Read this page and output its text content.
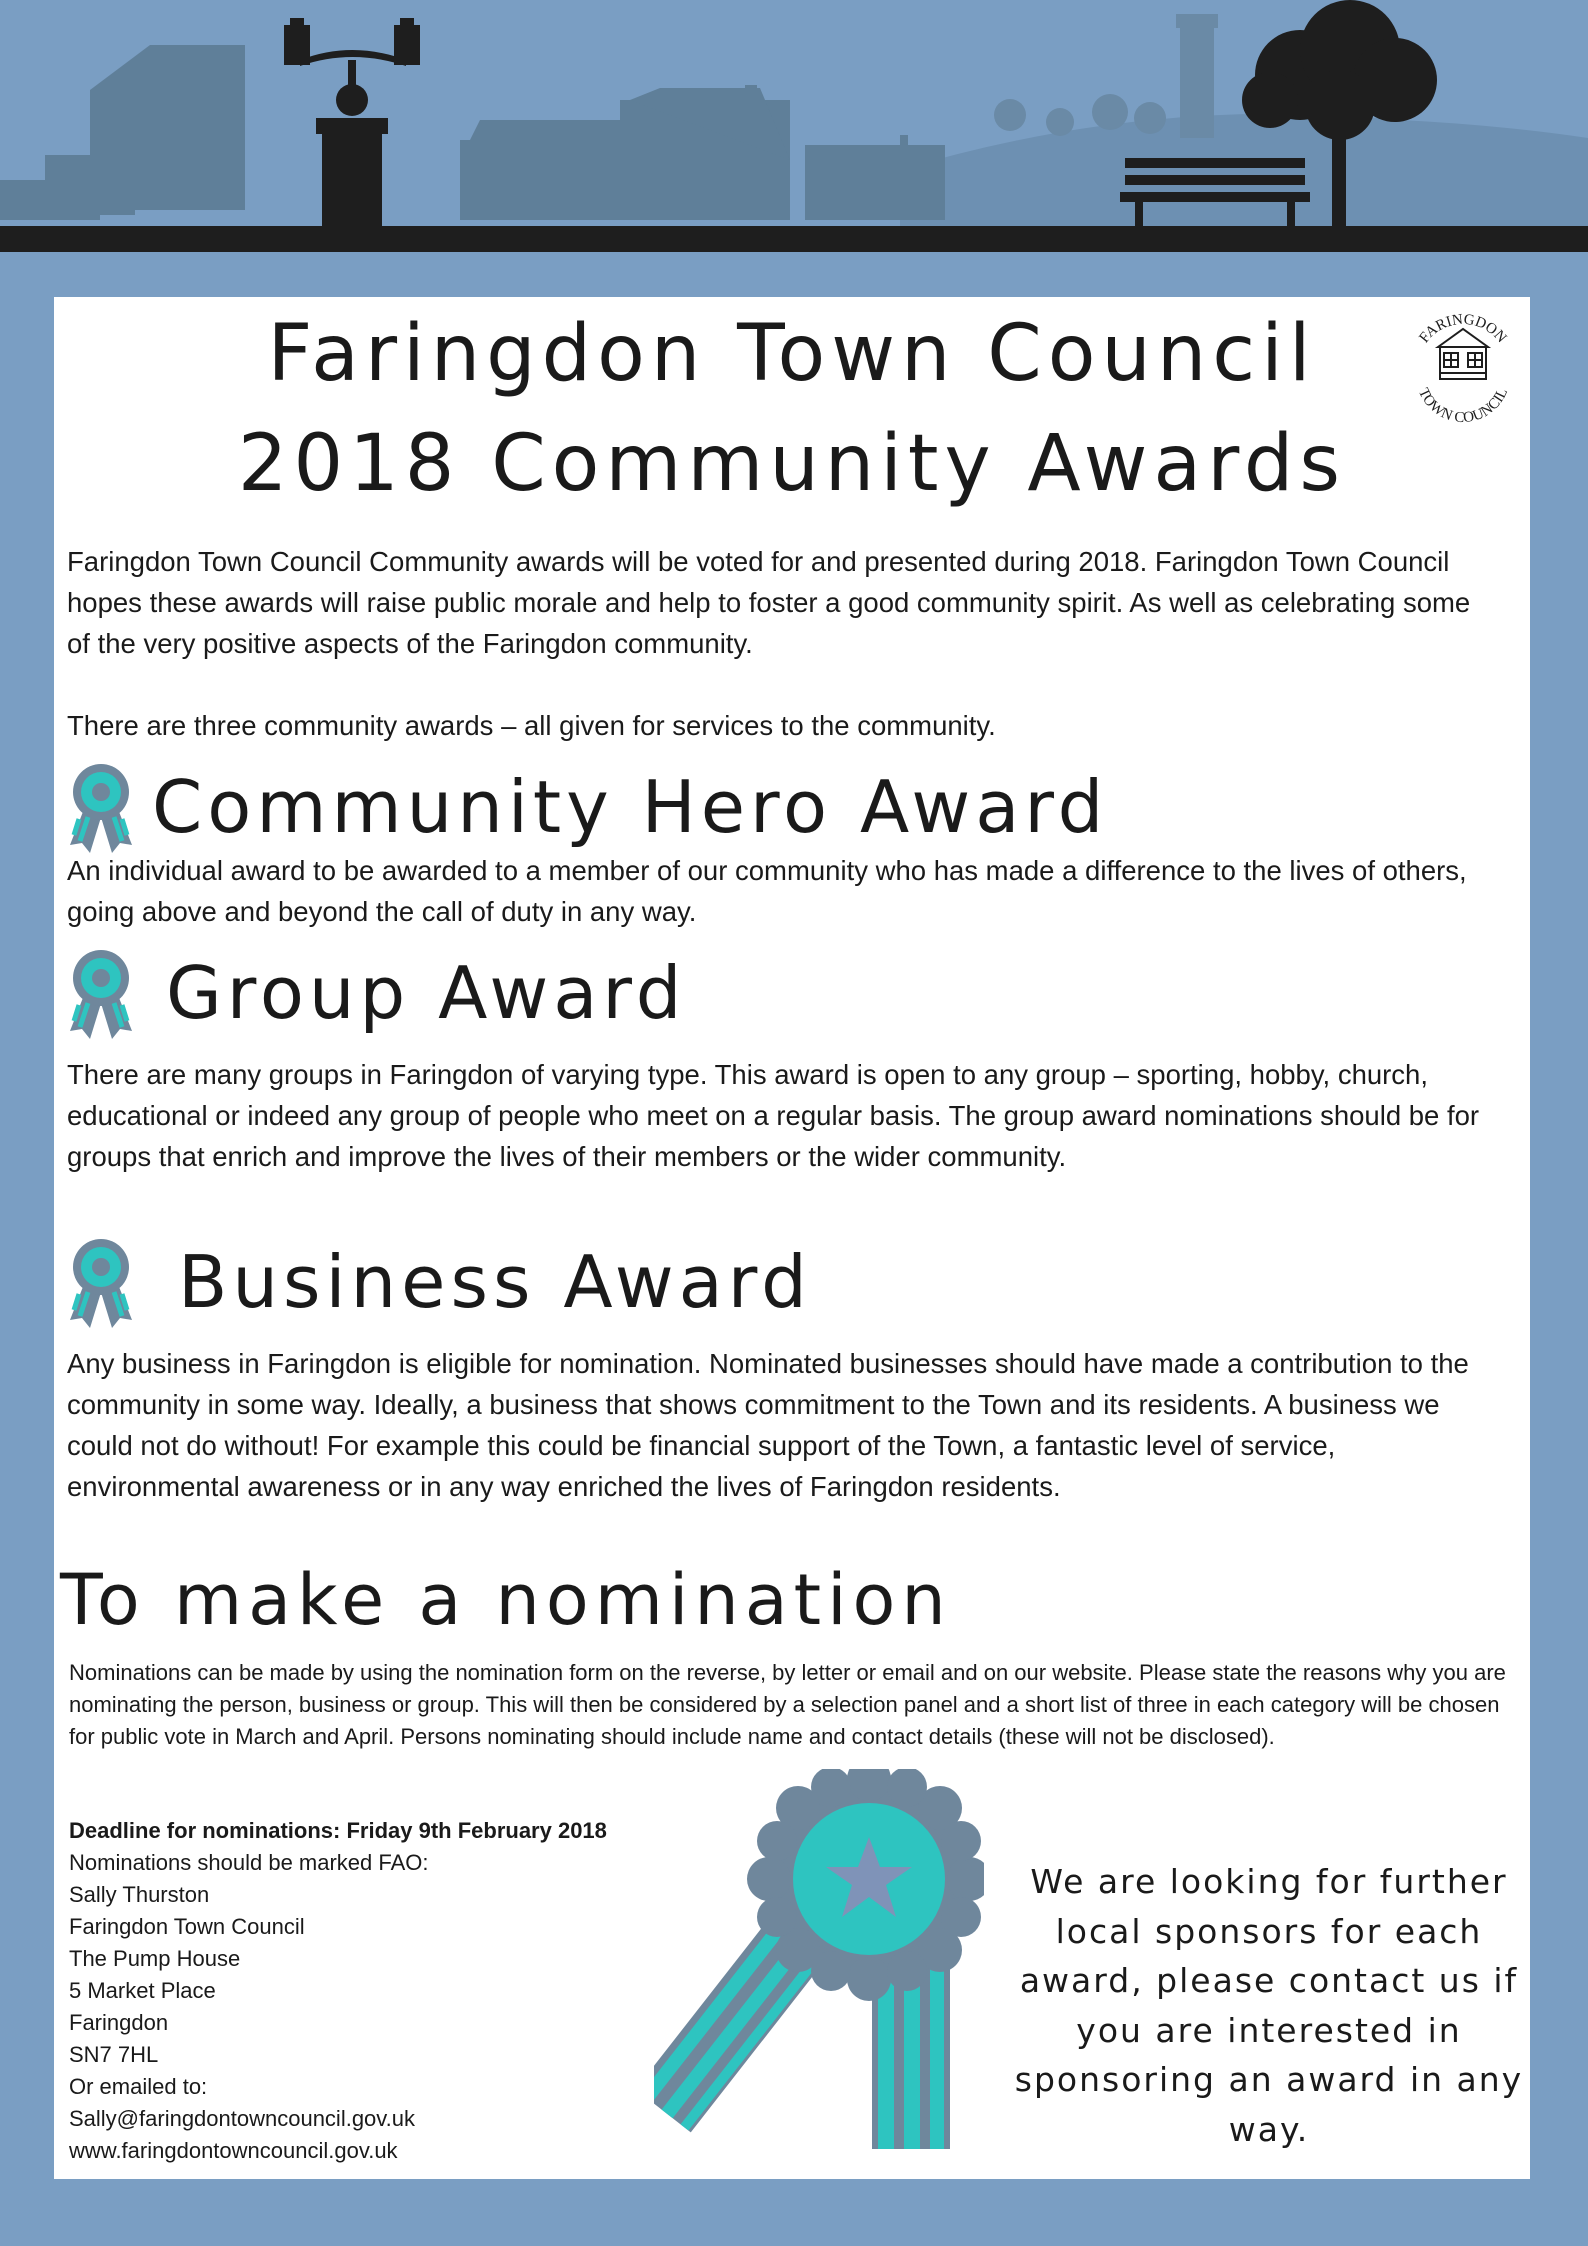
FARINGDON
TOWN COUNCIL
Faringdon Town Council
2018 Community Awards

Faringdon Town Council Community awards will be voted for and presented during 2018. Faringdon Town Council hopes these awards will raise public morale and help to foster a good community spirit. As well as celebrating some of the very positive aspects of the Faringdon community.

There are three community awards – all given for services to the community.

Community Hero Award

An individual award to be awarded to a member of our community who has made a difference to the lives of others, going above and beyond the call of duty in any way.

Group Award

There are many groups in Faringdon of varying type. This award is open to any group – sporting, hobby, church, educational or indeed any group of people who meet on a regular basis. The group award nominations should be for groups that enrich and improve the lives of their members or the wider community.

Business Award

Any business in Faringdon is eligible for nomination. Nominated businesses should have made a contribution to the community in some way. Ideally, a business that shows commitment to the Town and its residents. A business we could not do without! For example this could be financial support of the Town, a fantastic level of service, environmental awareness or in any way enriched the lives of Faringdon residents.

To make a nomination

Nominations can be made by using the nomination form on the reverse, by letter or email and on our website. Please state the reasons why you are nominating the person, business or group. This will then be considered by a selection panel and a short list of three in each category will be chosen for public vote in March and April. Persons nominating should include name and contact details (these will not be disclosed).

Deadline for nominations: Friday 9th February 2018
Nominations should be marked FAO:
Sally Thurston
Faringdon Town Council
The Pump House
5 Market Place
Faringdon
SN7 7HL
Or emailed to:
Sally@faringdontowncouncil.gov.uk
www.faringdontowncouncil.gov.uk

We are looking for further local sponsors for each award, please contact us if you are interested in sponsoring an award in any way.
